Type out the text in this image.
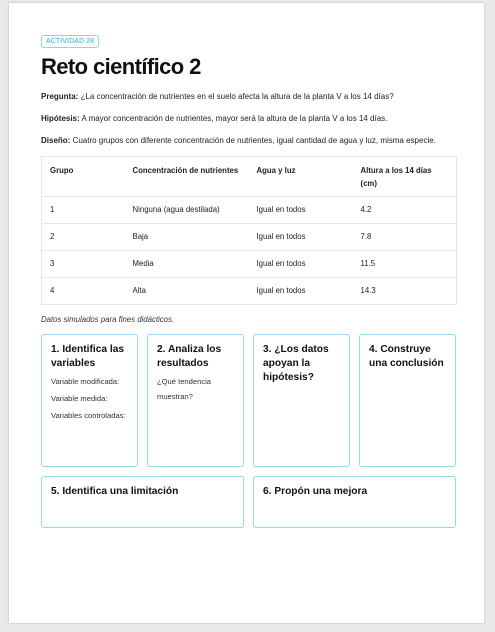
ACTIVIDAD 28
Reto científico 2

Pregunta: ¿La concentración de nutrientes en el suelo afecta la altura de la planta V a los 14 días?

Hipótesis: A mayor concentración de nutrientes, mayor será la altura de la planta V a los 14 días.

Diseño: Cuatro grupos con diferente concentración de nutrientes, igual cantidad de agua y luz, misma especie.

Grupo	Concentración de nutrientes	Agua y luz	Altura a los 14 días (cm)
1	Ninguna (agua destilada)	Igual en todos	4.2
2	Baja	Igual en todos	7.8
3	Media	Igual en todos	11.5
4	Alta	Igual en todos	14.3

Datos simulados para fines didácticos.

1. Identifica las variables
Variable modificada:
Variable medida:
Variables controladas:
2. Analiza los resultados
¿Qué tendencia muestran?
3. ¿Los datos apoyan la hipótesis?
4. Construye una conclusión
5. Identifica una limitación	6. Propón una mejora
